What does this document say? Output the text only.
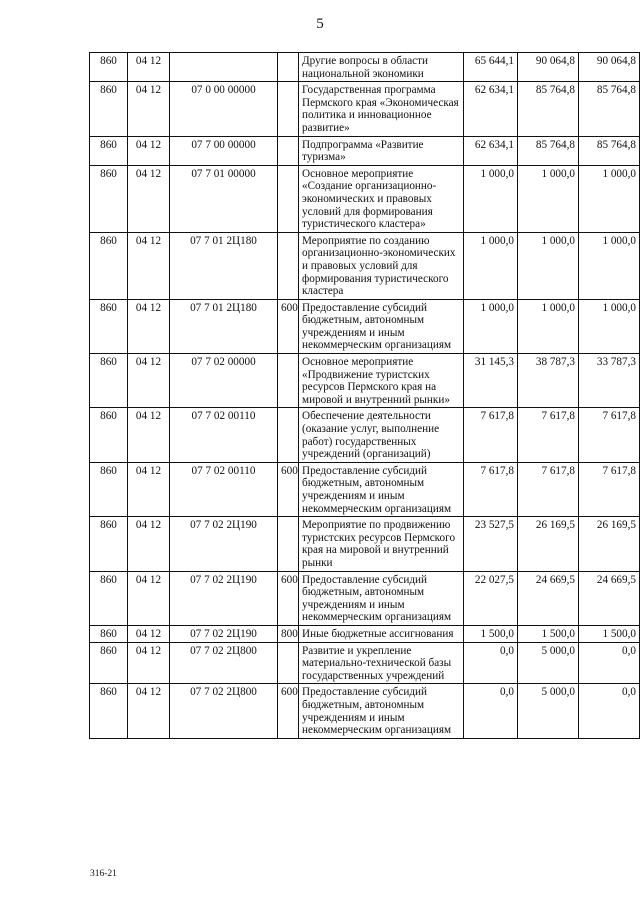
5
860	04 12			Другие вопросы в области национальной экономики	65 644,1	90 064,8	90 064,8
860	04 12	07 0 00 00000		Государственная программа Пермского края «Экономическая политика и инновационное развитие»	62 634,1	85 764,8	85 764,8
860	04 12	07 7 00 00000		Подпрограмма «Развитие туризма»	62 634,1	85 764,8	85 764,8
860	04 12	07 7 01 00000		Основное мероприятие «Создание организационно-экономических и правовых условий для формирования туристического кластера»	1 000,0	1 000,0	1 000,0
860	04 12	07 7 01 2Ц180		Мероприятие по созданию организационно-экономических и правовых условий для формирования туристического кластера	1 000,0	1 000,0	1 000,0
860	04 12	07 7 01 2Ц180	600	Предоставление субсидий бюджетным, автономным учреждениям и иным некоммерческим организациям	1 000,0	1 000,0	1 000,0
860	04 12	07 7 02 00000		Основное мероприятие «Продвижение туристских ресурсов Пермского края на мировой и внутренний рынки»	31 145,3	38 787,3	33 787,3
860	04 12	07 7 02 00110		Обеспечение деятельности (оказание услуг, выполнение работ) государственных учреждений (организаций)	7 617,8	7 617,8	7 617,8
860	04 12	07 7 02 00110	600	Предоставление субсидий бюджетным, автономным учреждениям и иным некоммерческим организациям	7 617,8	7 617,8	7 617,8
860	04 12	07 7 02 2Ц190		Мероприятие по продвижению туристских ресурсов Пермского края на мировой и внутренний рынки	23 527,5	26 169,5	26 169,5
860	04 12	07 7 02 2Ц190	600	Предоставление субсидий бюджетным, автономным учреждениям и иным некоммерческим организациям	22 027,5	24 669,5	24 669,5
860	04 12	07 7 02 2Ц190	800	Иные бюджетные ассигнования	1 500,0	1 500,0	1 500,0
860	04 12	07 7 02 2Ц800		Развитие и укрепление материально-технической базы государственных учреждений	0,0	5 000,0	0,0
860	04 12	07 7 02 2Ц800	600	Предоставление субсидий бюджетным, автономным учреждениям и иным некоммерческим организациям	0,0	5 000,0	0,0
316-21
